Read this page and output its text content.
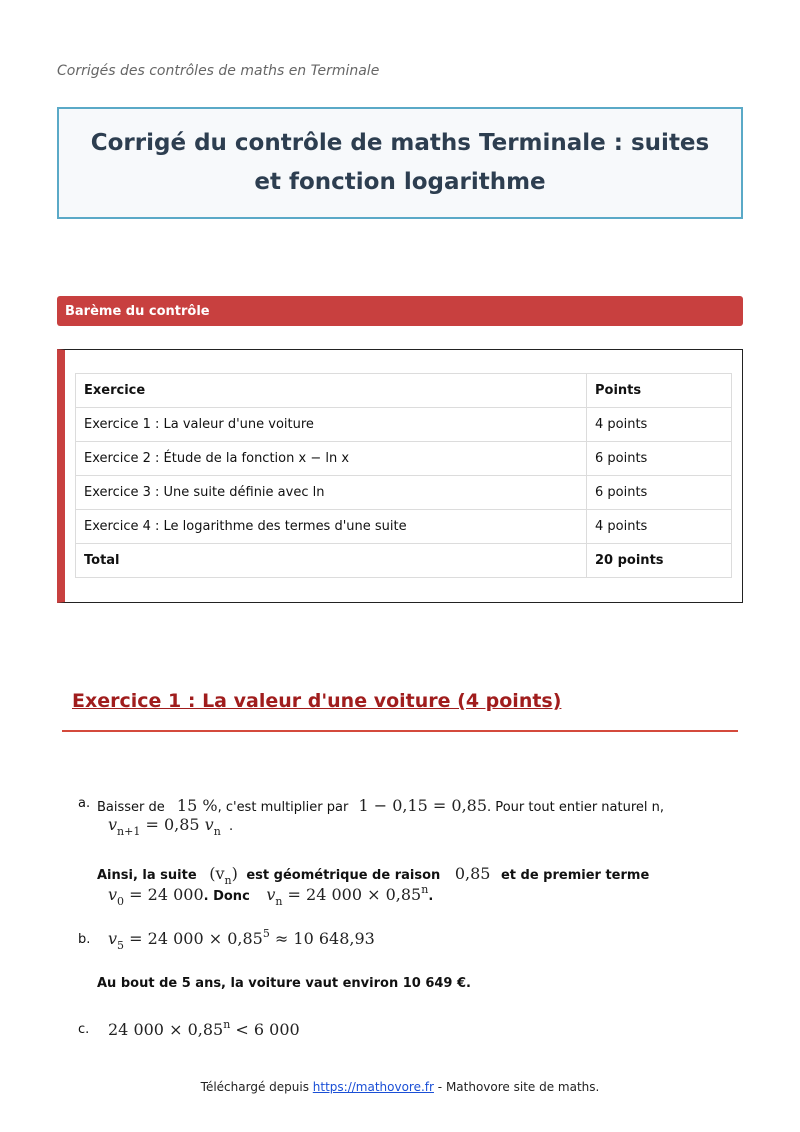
Corrigés des contrôles de maths en Terminale
Corrigé du contrôle de maths Terminale : suites et fonction logarithme
Barème du contrôle
Exercice	Points
Exercice 1 : La valeur d'une voiture	4 points
Exercice 2 : Étude de la fonction x − ln x	6 points
Exercice 3 : Une suite définie avec ln	6 points
Exercice 4 : Le logarithme des termes d'une suite	4 points
Total	20 points
Exercice 1 : La valeur d'une voiture (4 points)
a. Baisser de 15 %, c'est multiplier par 1 − 0,15 = 0,85. Pour tout entier naturel n,
$v_{n+1} = 0,85$ $v_n$ .
Ainsi, la suite $(v_n)$ est géométrique de raison 0,85 et de premier terme
$v_0 = 24$ 000. Donc $v_n = 24$ $000 \times 0,85^n$.
b. $v_5 = 24$ $000 \times 0,85^5 \approx 10$ 648,93
Au bout de 5 ans, la voiture vaut environ 10 649 €.
c. 24 $000 \times 0,85^n < 6$ 000
Téléchargé depuis https://mathovore.fr - Mathovore site de maths.
